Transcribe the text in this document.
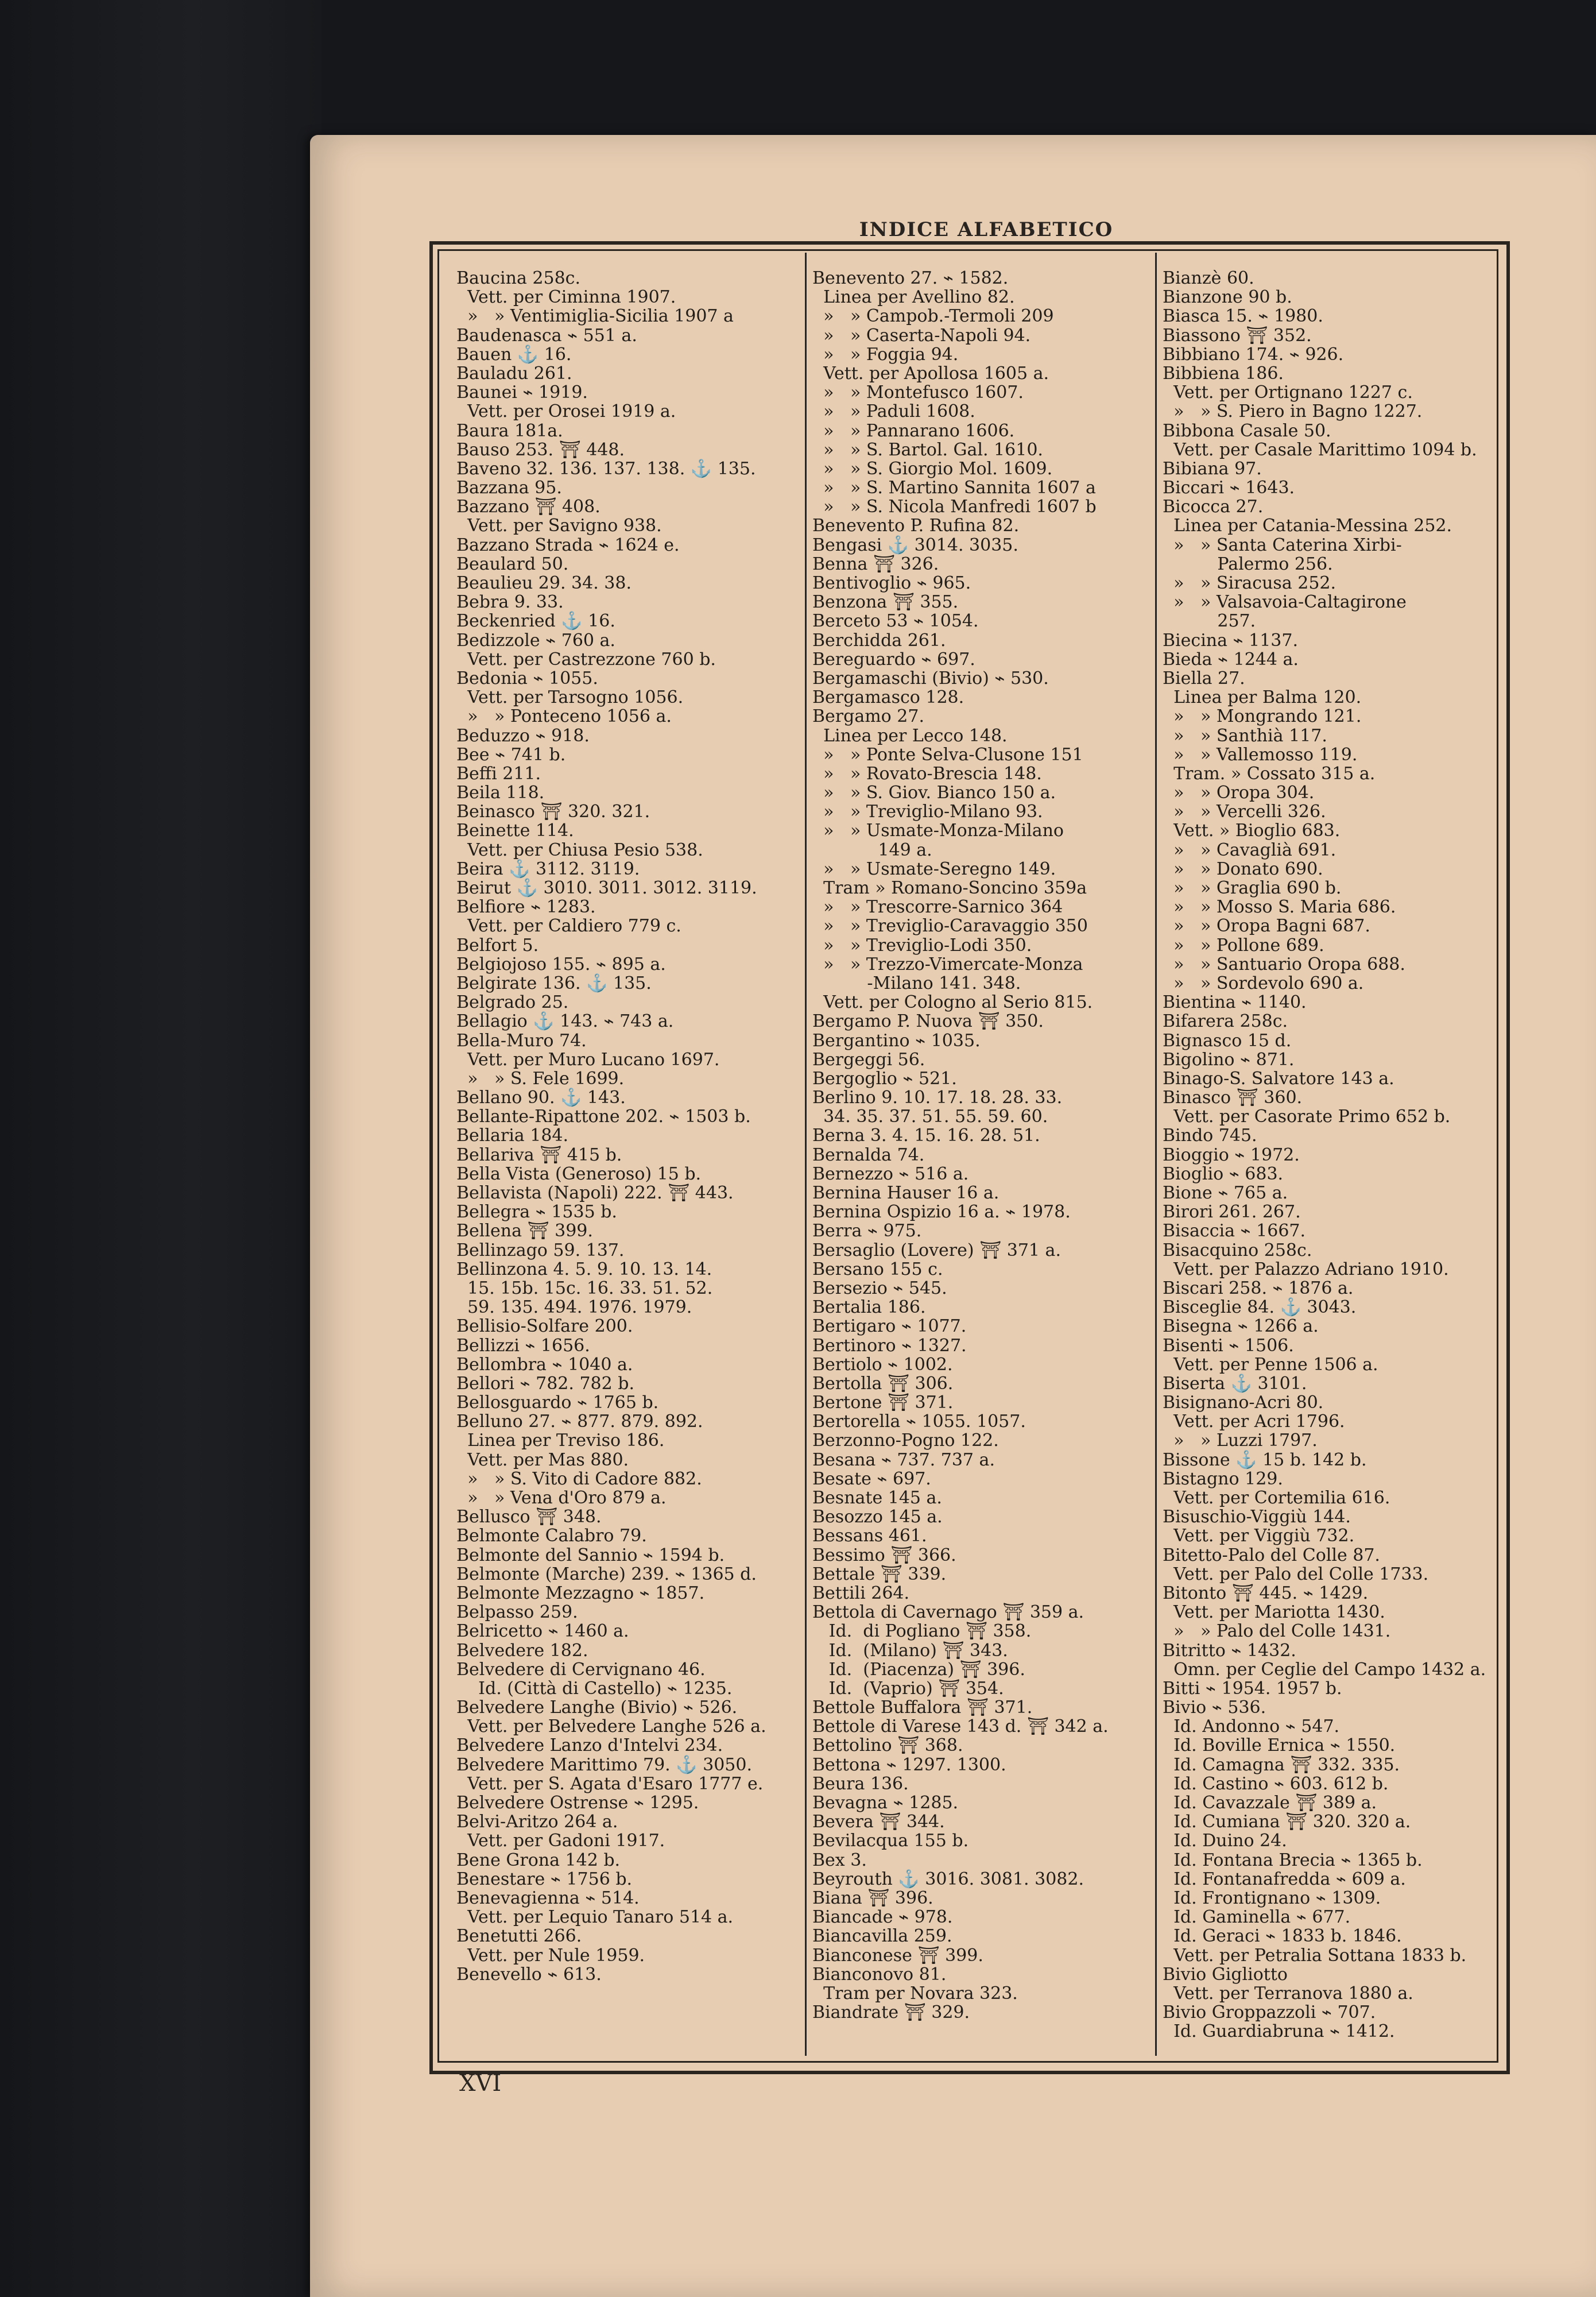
INDICE ALFABETICO
Baucina 258c.
Vett. per Ciminna 1907.
»   » Ventimiglia-Sicilia 1907 a
Baudenasca ⌁ 551 a.
Bauen ⚓ 16.
Bauladu 261.
Baunei ⌁ 1919.
Vett. per Orosei 1919 a.
Baura 181a.
Bauso 253. ⛩ 448.
Baveno 32. 136. 137. 138. ⚓ 135.
Bazzana 95.
Bazzano ⛩ 408.
Vett. per Savigno 938.
Bazzano Strada ⌁ 1624 e.
Beaulard 50.
Beaulieu 29. 34. 38.
Bebra 9. 33.
Beckenried ⚓ 16.
Bedizzole ⌁ 760 a.
Vett. per Castrezzone 760 b.
Bedonia ⌁ 1055.
Vett. per Tarsogno 1056.
»   » Ponteceno 1056 a.
Beduzzo ⌁ 918.
Bee ⌁ 741 b.
Beffi 211.
Beila 118.
Beinasco ⛩ 320. 321.
Beinette 114.
Vett. per Chiusa Pesio 538.
Beira ⚓ 3112. 3119.
Beirut ⚓ 3010. 3011. 3012. 3119.
Belfiore ⌁ 1283.
Vett. per Caldiero 779 c.
Belfort 5.
Belgiojoso 155. ⌁ 895 a.
Belgirate 136. ⚓ 135.
Belgrado 25.
Bellagio ⚓ 143. ⌁ 743 a.
Bella-Muro 74.
Vett. per Muro Lucano 1697.
»   » S. Fele 1699.
Bellano 90. ⚓ 143.
Bellante-Ripattone 202. ⌁ 1503 b.
Bellaria 184.
Bellariva ⛩ 415 b.
Bella Vista (Generoso) 15 b.
Bellavista (Napoli) 222. ⛩ 443.
Bellegra ⌁ 1535 b.
Bellena ⛩ 399.
Bellinzago 59. 137.
Bellinzona 4. 5. 9. 10. 13. 14.
15. 15b. 15c. 16. 33. 51. 52.
59. 135. 494. 1976. 1979.
Bellisio-Solfare 200.
Bellizzi ⌁ 1656.
Bellombra ⌁ 1040 a.
Bellori ⌁ 782. 782 b.
Bellosguardo ⌁ 1765 b.
Belluno 27. ⌁ 877. 879. 892.
Linea per Treviso 186.
Vett. per Mas 880.
»   » S. Vito di Cadore 882.
»   » Vena d'Oro 879 a.
Bellusco ⛩ 348.
Belmonte Calabro 79.
Belmonte del Sannio ⌁ 1594 b.
Belmonte (Marche) 239. ⌁ 1365 d.
Belmonte Mezzagno ⌁ 1857.
Belpasso 259.
Belricetto ⌁ 1460 a.
Belvedere 182.
Belvedere di Cervignano 46.
Id. (Città di Castello) ⌁ 1235.
Belvedere Langhe (Bivio) ⌁ 526.
Vett. per Belvedere Langhe 526 a.
Belvedere Lanzo d'Intelvi 234.
Belvedere Marittimo 79. ⚓ 3050.
Vett. per S. Agata d'Esaro 1777 e.
Belvedere Ostrense ⌁ 1295.
Belvi-Aritzo 264 a.
Vett. per Gadoni 1917.
Bene Grona 142 b.
Benestare ⌁ 1756 b.
Benevagienna ⌁ 514.
Vett. per Lequio Tanaro 514 a.
Benetutti 266.
Vett. per Nule 1959.
Benevello ⌁ 613.
Benevento 27. ⌁ 1582.
Linea per Avellino 82.
»   » Campob.-Termoli 209
»   » Caserta-Napoli 94.
»   » Foggia 94.
Vett. per Apollosa 1605 a.
»   » Montefusco 1607.
»   » Paduli 1608.
»   » Pannarano 1606.
»   » S. Bartol. Gal. 1610.
»   » S. Giorgio Mol. 1609.
»   » S. Martino Sannita 1607 a
»   » S. Nicola Manfredi 1607 b
Benevento P. Rufina 82.
Bengasi ⚓ 3014. 3035.
Benna ⛩ 326.
Bentivoglio ⌁ 965.
Benzona ⛩ 355.
Berceto 53 ⌁ 1054.
Berchidda 261.
Bereguardo ⌁ 697.
Bergamaschi (Bivio) ⌁ 530.
Bergamasco 128.
Bergamo 27.
Linea per Lecco 148.
»   » Ponte Selva-Clusone 151
»   » Rovato-Brescia 148.
»   » S. Giov. Bianco 150 a.
»   » Treviglio-Milano 93.
»   » Usmate-Monza-Milano
149 a.
»   » Usmate-Seregno 149.
Tram » Romano-Soncino 359a
»   » Trescorre-Sarnico 364
»   » Treviglio-Caravaggio 350
»   » Treviglio-Lodi 350.
»   » Trezzo-Vimercate-Monza
-Milano 141. 348.
Vett. per Cologno al Serio 815.
Bergamo P. Nuova ⛩ 350.
Bergantino ⌁ 1035.
Bergeggi 56.
Bergoglio ⌁ 521.
Berlino 9. 10. 17. 18. 28. 33.
34. 35. 37. 51. 55. 59. 60.
Berna 3. 4. 15. 16. 28. 51.
Bernalda 74.
Bernezzo ⌁ 516 a.
Bernina Hauser 16 a.
Bernina Ospizio 16 a. ⌁ 1978.
Berra ⌁ 975.
Bersaglio (Lovere) ⛩ 371 a.
Bersano 155 c.
Bersezio ⌁ 545.
Bertalia 186.
Bertigaro ⌁ 1077.
Bertinoro ⌁ 1327.
Bertiolo ⌁ 1002.
Bertolla ⛩ 306.
Bertone ⛩ 371.
Bertorella ⌁ 1055. 1057.
Berzonno-Pogno 122.
Besana ⌁ 737. 737 a.
Besate ⌁ 697.
Besnate 145 a.
Besozzo 145 a.
Bessans 461.
Bessimo ⛩ 366.
Bettale ⛩ 339.
Bettili 264.
Bettola di Cavernago ⛩ 359 a.
Id.  di Pogliano ⛩ 358.
Id.  (Milano) ⛩ 343.
Id.  (Piacenza) ⛩ 396.
Id.  (Vaprio) ⛩ 354.
Bettole Buffalora ⛩ 371.
Bettole di Varese 143 d. ⛩ 342 a.
Bettolino ⛩ 368.
Bettona ⌁ 1297. 1300.
Beura 136.
Bevagna ⌁ 1285.
Bevera ⛩ 344.
Bevilacqua 155 b.
Bex 3.
Beyrouth ⚓ 3016. 3081. 3082.
Biana ⛩ 396.
Biancade ⌁ 978.
Biancavilla 259.
Bianconese ⛩ 399.
Bianconovo 81.
Tram per Novara 323.
Biandrate ⛩ 329.
Bianzè 60.
Bianzone 90 b.
Biasca 15. ⌁ 1980.
Biassono ⛩ 352.
Bibbiano 174. ⌁ 926.
Bibbiena 186.
Vett. per Ortignano 1227 c.
»   » S. Piero in Bagno 1227.
Bibbona Casale 50.
Vett. per Casale Marittimo 1094 b.
Bibiana 97.
Biccari ⌁ 1643.
Bicocca 27.
Linea per Catania-Messina 252.
»   » Santa Caterina Xirbi-
Palermo 256.
»   » Siracusa 252.
»   » Valsavoia-Caltagirone
257.
Biecina ⌁ 1137.
Bieda ⌁ 1244 a.
Biella 27.
Linea per Balma 120.
»   » Mongrando 121.
»   » Santhià 117.
»   » Vallemosso 119.
Tram. » Cossato 315 a.
»   » Oropa 304.
»   » Vercelli 326.
Vett. » Bioglio 683.
»   » Cavaglià 691.
»   » Donato 690.
»   » Graglia 690 b.
»   » Mosso S. Maria 686.
»   » Oropa Bagni 687.
»   » Pollone 689.
»   » Santuario Oropa 688.
»   » Sordevolo 690 a.
Bientina ⌁ 1140.
Bifarera 258c.
Bignasco 15 d.
Bigolino ⌁ 871.
Binago-S. Salvatore 143 a.
Binasco ⛩ 360.
Vett. per Casorate Primo 652 b.
Bindo 745.
Bioggio ⌁ 1972.
Bioglio ⌁ 683.
Bione ⌁ 765 a.
Birori 261. 267.
Bisaccia ⌁ 1667.
Bisacquino 258c.
Vett. per Palazzo Adriano 1910.
Biscari 258. ⌁ 1876 a.
Bisceglie 84. ⚓ 3043.
Bisegna ⌁ 1266 a.
Bisenti ⌁ 1506.
Vett. per Penne 1506 a.
Biserta ⚓ 3101.
Bisignano-Acri 80.
Vett. per Acri 1796.
»   » Luzzi 1797.
Bissone ⚓ 15 b. 142 b.
Bistagno 129.
Vett. per Cortemilia 616.
Bisuschio-Viggiù 144.
Vett. per Viggiù 732.
Bitetto-Palo del Colle 87.
Vett. per Palo del Colle 1733.
Bitonto ⛩ 445. ⌁ 1429.
Vett. per Mariotta 1430.
»   » Palo del Colle 1431.
Bitritto ⌁ 1432.
Omn. per Ceglie del Campo 1432 a.
Bitti ⌁ 1954. 1957 b.
Bivio ⌁ 536.
Id. Andonno ⌁ 547.
Id. Boville Ernica ⌁ 1550.
Id. Camagna ⛩ 332. 335.
Id. Castino ⌁ 603. 612 b.
Id. Cavazzale ⛩ 389 a.
Id. Cumiana ⛩ 320. 320 a.
Id. Duino 24.
Id. Fontana Brecia ⌁ 1365 b.
Id. Fontanafredda ⌁ 609 a.
Id. Frontignano ⌁ 1309.
Id. Gaminella ⌁ 677.
Id. Geraci ⌁ 1833 b. 1846.
Vett. per Petralia Sottana 1833 b.
Bivio Gigliotto
Vett. per Terranova 1880 a.
Bivio Groppazzoli ⌁ 707.
Id. Guardiabruna ⌁ 1412.
XVI
